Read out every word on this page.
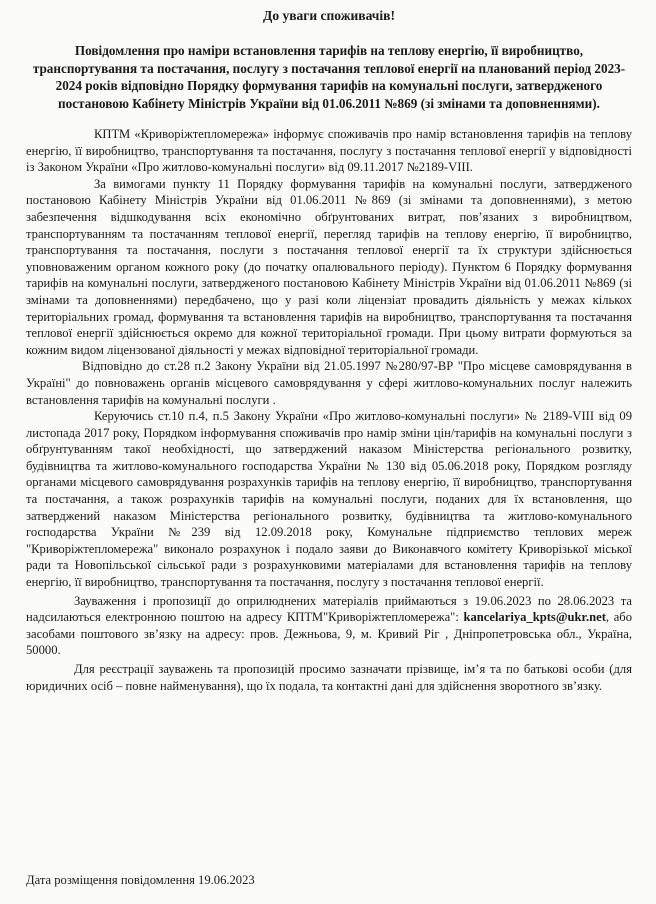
До уваги споживачів!

Повідомлення про наміри встановлення тарифів на теплову енергію, її виробництво, транспортування та постачання, послугу з постачання теплової енергії на планований період 2023-2024 років відповідно Порядку формування тарифів на комунальні послуги, затвердженого постановою Кабінету Міністрів України від 01.06.2011 №869 (зі змінами та доповненнями).

КПТМ «Криворіжтепломережа» інформує споживачів про намір встановлення тарифів на теплову енергію, її виробництво, транспортування та постачання, послугу з постачання теплової енергії у відповідності із Законом України «Про житлово-комунальні послуги» від 09.11.2017 №2189-VIII.

За вимогами пункту 11 Порядку формування тарифів на комунальні послуги, затвердженого постановою Кабінету Міністрів України від 01.06.2011 №869 (зі змінами та доповненнями), з метою забезпечення відшкодування всіх економічно обґрунтованих витрат, пов’язаних з виробництвом, транспортуванням та постачанням теплової енергії, перегляд тарифів на теплову енергію, її виробництво, транспортування та постачання, послуги з постачання теплової енергії та їх структури здійснюється уповноваженим органом кожного року (до початку опалювального періоду). Пунктом 6 Порядку формування тарифів на комунальні послуги, затвердженого постановою Кабінету Міністрів України від 01.06.2011 №869 (зі змінами та доповненнями) передбачено, що у разі коли ліцензіат провадить діяльність у межах кількох територіальних громад, формування та встановлення тарифів на виробництво, транспортування та постачання теплової енергії здійснюється окремо для кожної територіальної громади. При цьому витрати формуються за кожним видом ліцензованої діяльності у межах відповідної територіальної громади.

Відповідно до ст.28 п.2 Закону України від 21.05.1997 №280/97-ВР "Про місцеве самоврядування в Україні" до повноважень органів місцевого самоврядування у сфері житлово-комунальних послуг належить встановлення тарифів на комунальні послуги .

Керуючись ст.10 п.4, п.5 Закону України «Про житлово-комунальні послуги» № 2189-VIII від 09 листопада 2017 року, Порядком інформування споживачів про намір зміни цін/тарифів на комунальні послуги з обґрунтуванням такої необхідності, що затверджений наказом Міністерства регіонального розвитку, будівництва та житлово-комунального господарства України № 130 від 05.06.2018 року, Порядком розгляду органами місцевого самоврядування розрахунків тарифів на теплову енергію, її виробництво, транспортування та постачання, а також розрахунків тарифів на комунальні послуги, поданих для їх встановлення, що затверджений наказом Міністерства регіонального розвитку, будівництва та житлово-комунального господарства України №239 від 12.09.2018 року, Комунальне підприємство теплових мереж "Криворіжтепломережа" виконало розрахунок і подало заяви до Виконавчого комітету Криворізької міської ради та Новопільської сільської ради з розрахунковими матеріалами для встановлення тарифів на теплову енергію, її виробництво, транспортування та постачання, послугу з постачання теплової енергії.

Зауваження і пропозиції до оприлюднених матеріалів приймаються з 19.06.2023 по 28.06.2023 та надсилаються електронною поштою на адресу КПТМ"Криворіжтепломережа": kancelariya_kpts@ukr.net, або засобами поштового зв’язку на адресу: пров. Дежньова, 9, м. Кривий Ріг , Дніпропетровська обл., Україна, 50000.

Для реєстрації зауважень та пропозицій просимо зазначати прізвище, ім’я та по батькові особи (для юридичних осіб – повне найменування), що їх подала, та контактні дані для здійснення зворотного зв’язку.

Дата розміщення повідомлення 19.06.2023
